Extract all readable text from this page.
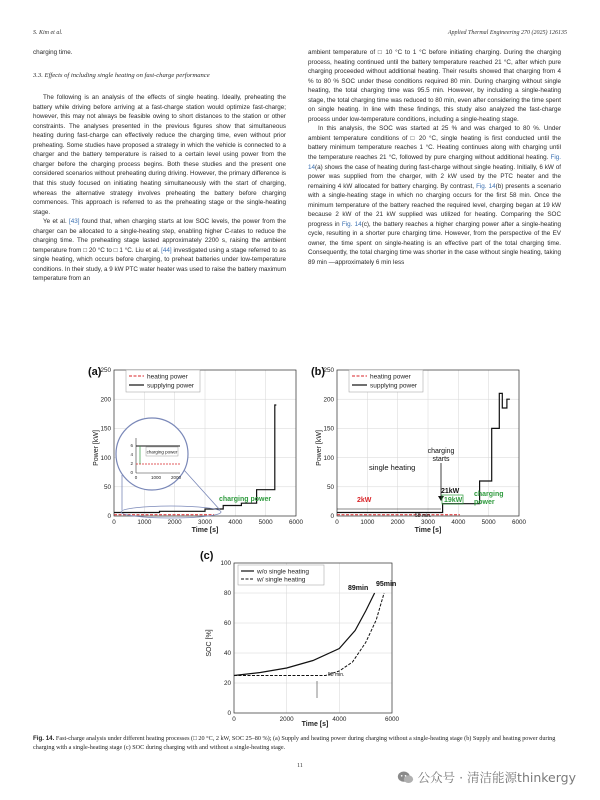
S. Kim et al.	Applied Thermal Engineering 270 (2025) 126135

charging time.

3.3. Effects of including single heating on fast-charge performance

The following is an analysis of the effects of single heating. Ideally, preheating the battery while driving before arriving at a fast-charge station would optimize fast-charge; however, this may not always be feasible owing to short distances to the station or other constraints. The analyses presented in the previous figures show that simultaneous heating during fast-charge can effectively reduce the charging time, even without prior preheating. Some studies have proposed a strategy in which the vehicle is connected to a charger and the battery temperature is raised to a certain level using power from the charger before the charging process begins. Both these studies and the present one considered scenarios without preheating during driving. However, the primary difference is that this study focused on initiating heating simultaneously with the start of charging, whereas the alternative strategy involves preheating the battery before charging commences. This approach is referred to as the preheating stage or the single-heating stage.

Ye et al. [43] found that, when charging starts at low SOC levels, the power from the charger can be allocated to a single-heating step, enabling higher C-rates to reduce the charging time. The preheating stage lasted approximately 2200 s, raising the ambient temperature from □ 20 °C to □ 1 °C. Liu et al. [44] investigated using a stage referred to as single heating, which occurs before charging, to preheat batteries under low-temperature conditions. In their study, a 9 kW PTC water heater was used to raise the battery maximum temperature from an

ambient temperature of □ 10 °C to 1 °C before initiating charging. During the charging process, heating continued until the battery temperature reached 21 °C, after which pure charging proceeded without additional heating. Their results showed that charging from 4 % to 80 % SOC under these conditions required 80 min. During charging without single heating, the total charging time was 95.5 min. However, by including a single-heating stage, the total charging time was reduced to 80 min, even after considering the time spent on single heating. In line with these findings, this study also analyzed the fast-charge process under low-temperature conditions, including a single-heating stage.

In this analysis, the SOC was started at 25 % and was charged to 80 %. Under ambient temperature conditions of □ 20 °C, single heating is first conducted until the battery minimum temperature reaches 1 °C. Heating continues along with charging until the temperature reaches 21 °C, followed by pure charging without additional heating. Fig. 14(a) shows the case of heating during fast-charge without single heating. Initially, 6 kW of power was supplied from the charger, with 2 kW used by the PTC heater and the remaining 4 kW allocated for battery charging. By contrast, Fig. 14(b) presents a scenario with a single-heating stage in which no charging occurs for the first 58 min. Once the minimum temperature of the battery reached the required level, charging began at 19 kW because 2 kW of the 21 kW supplied was utilized for heating. Comparing the SOC progress in Fig. 14(c), the battery reaches a higher charging power after a single-heating cycle, resulting in a shorter pure charging time. However, from the perspective of the EV owner, the time spent on single-heating is an effective part of the total charging time. Consequently, the total charging time was shorter in the case without single heating, taking 89 min —approximately 6 min less

(a)
0
50
100
150
200
250
0	1000	2000	3000	4000	5000	6000
heating power
supplying power
Power [kW]
Time [s]
charging power
0
2
4
6
0	1000 2000
charging power
(b)
0
50
100
150
200
250
0	1000	2000	3000	4000	5000	6000
heating power
supplying power
Power [kW]
Time [s]
single heating
charging
starts
21kW
19kW
2kW
charging
power
58 min.
(c)
0
20
40
60
80
100
0	2000	4000	6000
w/o single heating
w/ single heating
SOC [%]
Time [s]
89min
95min
58 min.
Fig. 14. Fast-charge analysis under different heating processes (□ 20 °C, 2 kW, SOC 25–80 %); (a) Supply and heating power during charging without a single-heating stage (b) Supply and heating power during charging with a single-heating stage (c) SOC during charging with and without a single-heating stage.
11
公众号 · 清洁能源thinkergy
